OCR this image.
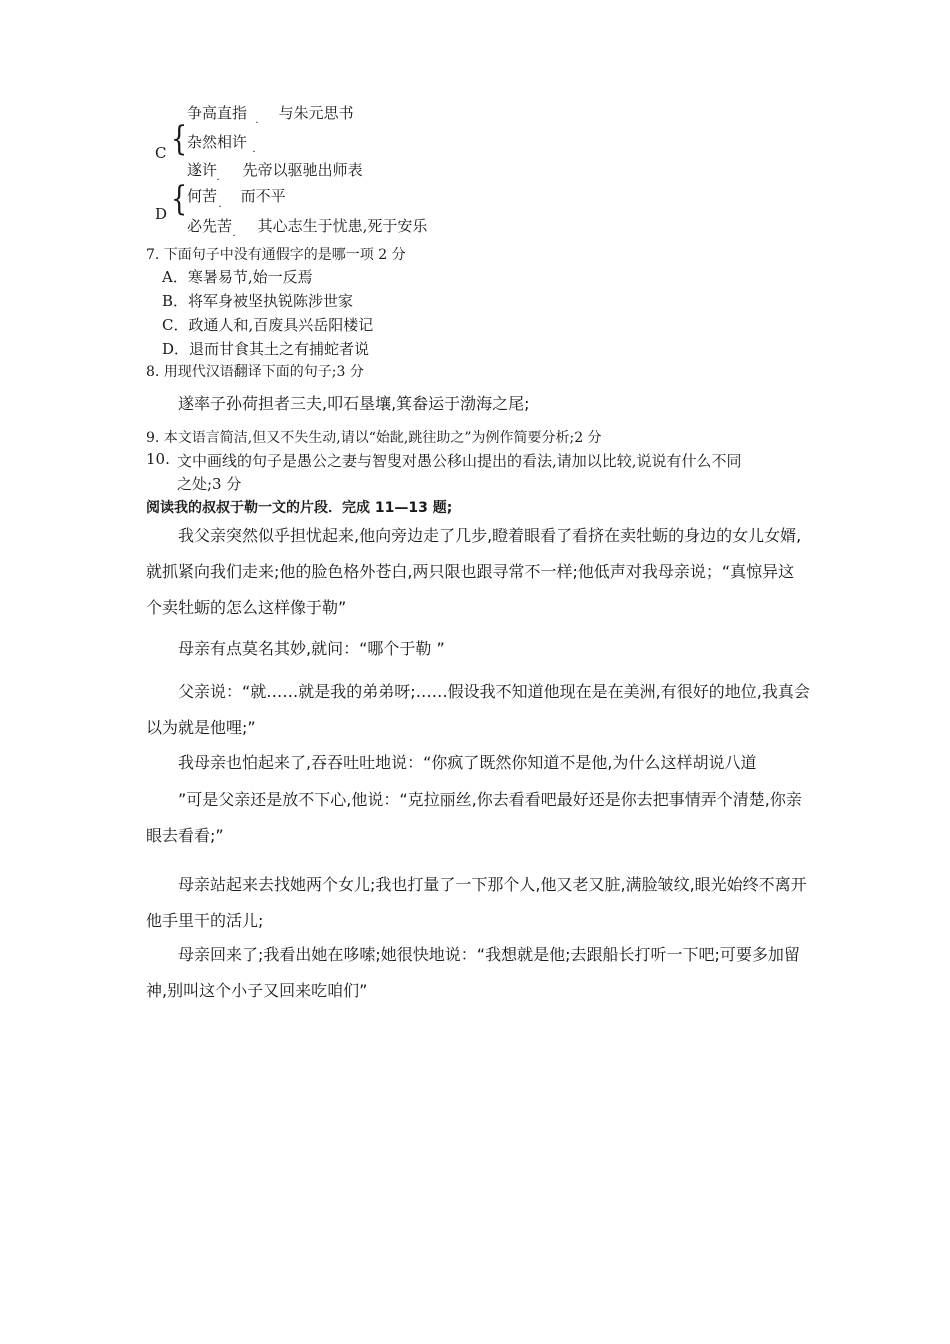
争高直指 与朱元思书
·
C { 杂然相许 ·
遂许 先帝以驱驰出师表
·
D { 何苦 而不平
·
必先苦 其心志生于忧患,死于安乐
·
7. 下面句子中没有通假字的是哪一项 2 分
A．寒暑易节,始一反焉
B．将军身被坚执锐陈涉世家
C．政通人和,百废具兴岳阳楼记
D．退而甘食其土之有捕蛇者说
8. 用现代汉语翻译下面的句子;3 分
遂率子孙荷担者三夫,叩石垦壤,箕畚运于渤海之尾;
9. 本文语言简洁,但又不失生动,请以“始龀,跳往助之”为例作简要分析;2 分
10. 文中画线的句子是愚公之妻与智叟对愚公移山提出的看法,请加以比较,说说有什么不同
之处;3 分
阅读我的叔叔于勒一文的片段．完成 11—13 题;
我父亲突然似乎担忧起来,他向旁边走了几步,瞪着眼看了看挤在卖牡蛎的身边的女儿女婿,就抓紧向我们走来;他的脸色格外苍白,两只限也跟寻常不一样;他低声对我母亲说；“真惊异这个卖牡蛎的怎么这样像于勒”
母亲有点莫名其妙,就问：“哪个于勒 ”
父亲说：“就……就是我的弟弟呀;……假设我不知道他现在是在美洲,有很好的地位,我真会以为就是他哩;”
我母亲也怕起来了,吞吞吐吐地说：“你疯了既然你知道不是他,为什么这样胡说八道
”可是父亲还是放不下心,他说：“克拉丽丝,你去看看吧最好还是你去把事情弄个清楚,你亲眼去看看;”
母亲站起来去找她两个女儿;我也打量了一下那个人,他又老又脏,满脸皱纹,眼光始终不离开他手里干的活儿;
母亲回来了;我看出她在哆嗦;她很快地说：“我想就是他;去跟船长打听一下吧;可要多加留神,别叫这个小子又回来吃咱们”
